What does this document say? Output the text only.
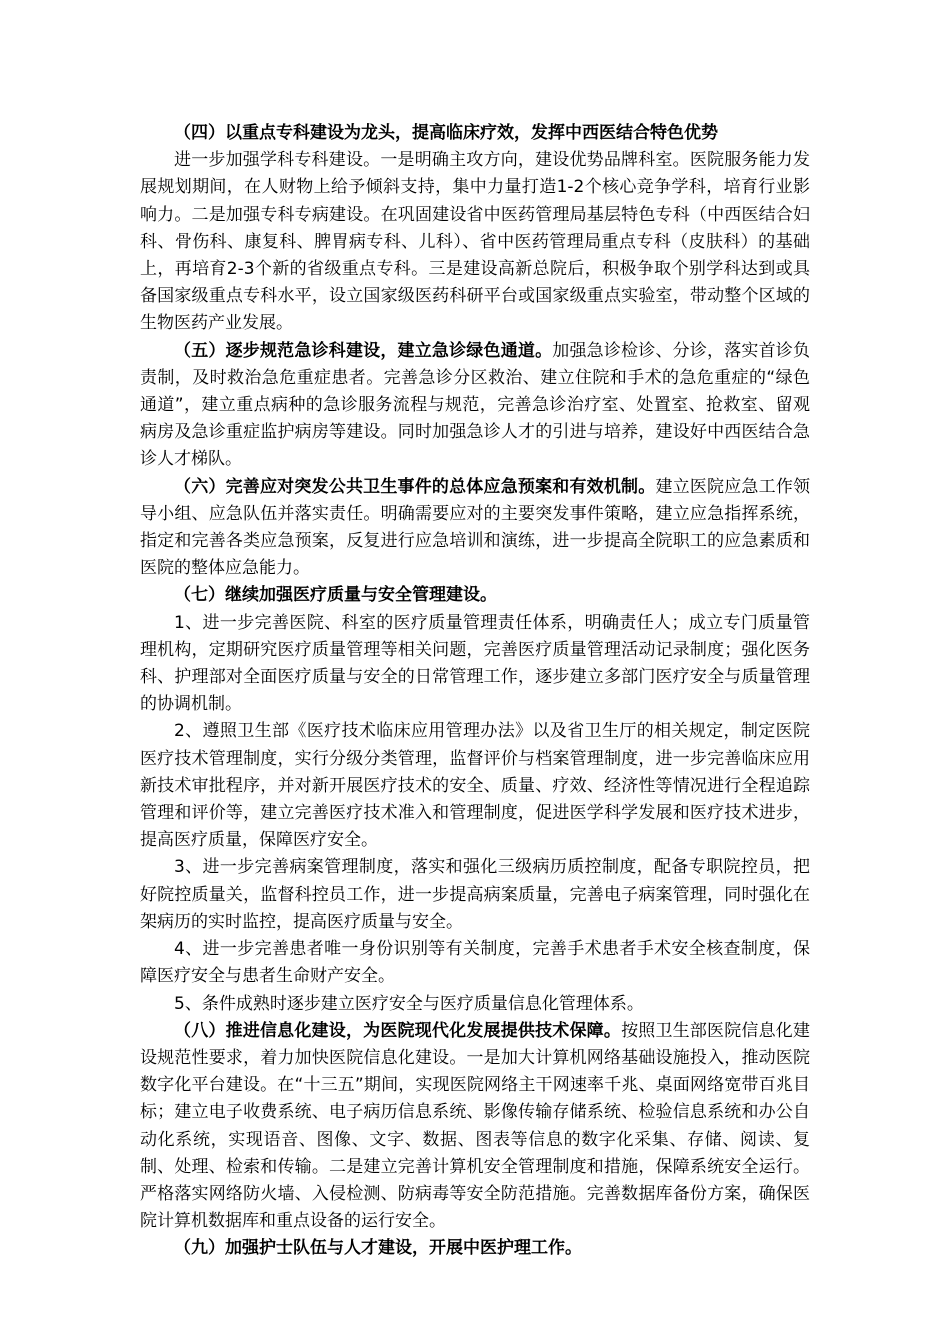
（四）以重点专科建设为龙头，提高临床疗效，发挥中西医结合特色优势

进一步加强学科专科建设。一是明确主攻方向，建设优势品牌科室。医院服务能力发展规划期间，在人财物上给予倾斜支持，集中力量打造1-2个核心竞争学科，培育行业影响力。二是加强专科专病建设。在巩固建设省中医药管理局基层特色专科（中西医结合妇科、骨伤科、康复科、脾胃病专科、儿科）、省中医药管理局重点专科（皮肤科）的基础上，再培育2-3个新的省级重点专科。三是建设高新总院后，积极争取个别学科达到或具备国家级重点专科水平，设立国家级医药科研平台或国家级重点实验室，带动整个区域的生物医药产业发展。

（五）逐步规范急诊科建设，建立急诊绿色通道。加强急诊检诊、分诊，落实首诊负责制，及时救治急危重症患者。完善急诊分区救治、建立住院和手术的急危重症的“绿色通道”，建立重点病种的急诊服务流程与规范，完善急诊治疗室、处置室、抢救室、留观病房及急诊重症监护病房等建设。同时加强急诊人才的引进与培养，建设好中西医结合急诊人才梯队。

（六）完善应对突发公共卫生事件的总体应急预案和有效机制。建立医院应急工作领导小组、应急队伍并落实责任。明确需要应对的主要突发事件策略，建立应急指挥系统，指定和完善各类应急预案，反复进行应急培训和演练，进一步提高全院职工的应急素质和医院的整体应急能力。

（七）继续加强医疗质量与安全管理建设。

1、进一步完善医院、科室的医疗质量管理责任体系，明确责任人；成立专门质量管理机构，定期研究医疗质量管理等相关问题，完善医疗质量管理活动记录制度；强化医务科、护理部对全面医疗质量与安全的日常管理工作，逐步建立多部门医疗安全与质量管理的协调机制。

2、遵照卫生部《医疗技术临床应用管理办法》以及省卫生厅的相关规定，制定医院医疗技术管理制度，实行分级分类管理，监督评价与档案管理制度，进一步完善临床应用新技术审批程序，并对新开展医疗技术的安全、质量、疗效、经济性等情况进行全程追踪管理和评价等，建立完善医疗技术准入和管理制度，促进医学科学发展和医疗技术进步，提高医疗质量，保障医疗安全。

3、进一步完善病案管理制度，落实和强化三级病历质控制度，配备专职院控员，把好院控质量关，监督科控员工作，进一步提高病案质量，完善电子病案管理，同时强化在架病历的实时监控，提高医疗质量与安全。

4、进一步完善患者唯一身份识别等有关制度，完善手术患者手术安全核查制度，保障医疗安全与患者生命财产安全。

5、条件成熟时逐步建立医疗安全与医疗质量信息化管理体系。

（八）推进信息化建设，为医院现代化发展提供技术保障。按照卫生部医院信息化建设规范性要求，着力加快医院信息化建设。一是加大计算机网络基础设施投入，推动医院数字化平台建设。在“十三五”期间，实现医院网络主干网速率千兆、桌面网络宽带百兆目标；建立电子收费系统、电子病历信息系统、影像传输存储系统、检验信息系统和办公自动化系统，实现语音、图像、文字、数据、图表等信息的数字化采集、存储、阅读、复制、处理、检索和传输。二是建立完善计算机安全管理制度和措施，保障系统安全运行。严格落实网络防火墙、入侵检测、防病毒等安全防范措施。完善数据库备份方案，确保医院计算机数据库和重点设备的运行安全。

（九）加强护士队伍与人才建设，开展中医护理工作。
